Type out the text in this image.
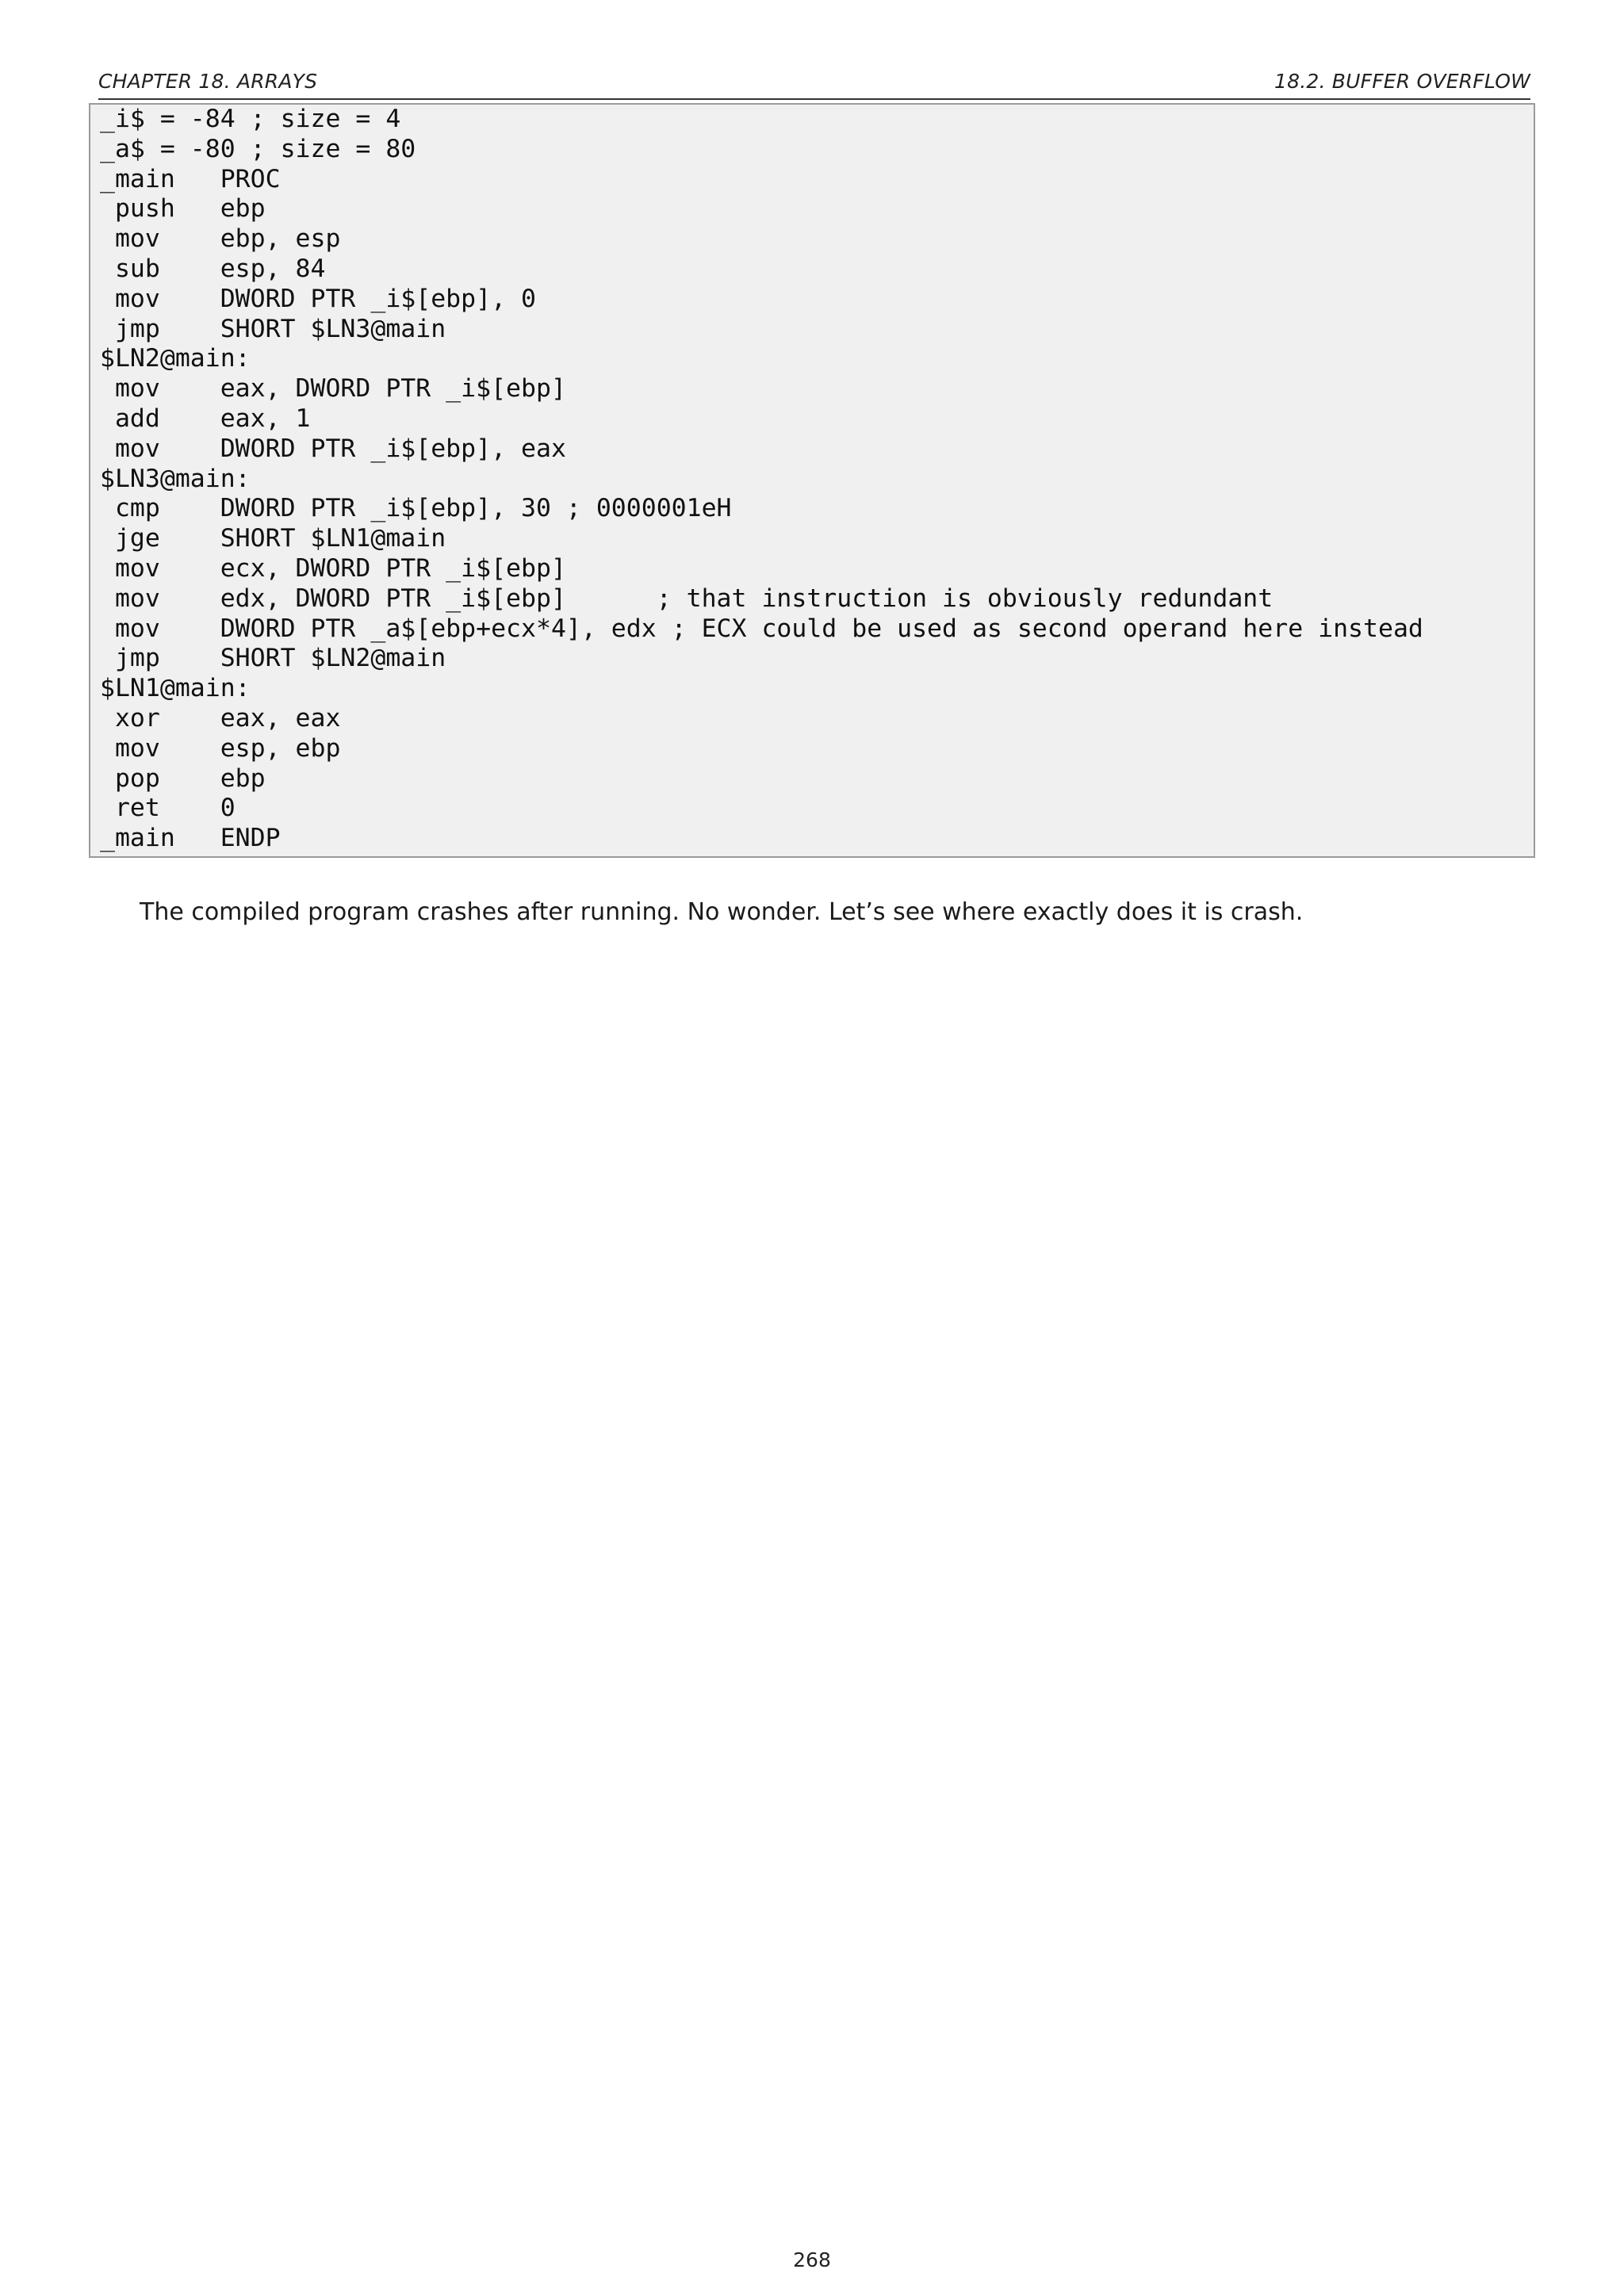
CHAPTER 18. ARRAYS	18.2. BUFFER OVERFLOW
_i$ = -84 ; size = 4
_a$ = -80 ; size = 80
_main   PROC
push   ebp
mov    ebp, esp
sub    esp, 84
mov    DWORD PTR _i$[ebp], 0
jmp    SHORT $LN3@main
$LN2@main:
mov    eax, DWORD PTR _i$[ebp]
add    eax, 1
mov    DWORD PTR _i$[ebp], eax
$LN3@main:
cmp    DWORD PTR _i$[ebp], 30 ; 0000001eH
jge    SHORT $LN1@main
mov    ecx, DWORD PTR _i$[ebp]
mov    edx, DWORD PTR _i$[ebp]      ; that instruction is obviously redundant
mov    DWORD PTR _a$[ebp+ecx*4], edx ; ECX could be used as second operand here instead
jmp    SHORT $LN2@main
$LN1@main:
xor    eax, eax
mov    esp, ebp
pop    ebp
ret    0
_main   ENDP

The compiled program crashes after running. No wonder. Let’s see where exactly does it is crash.

268
